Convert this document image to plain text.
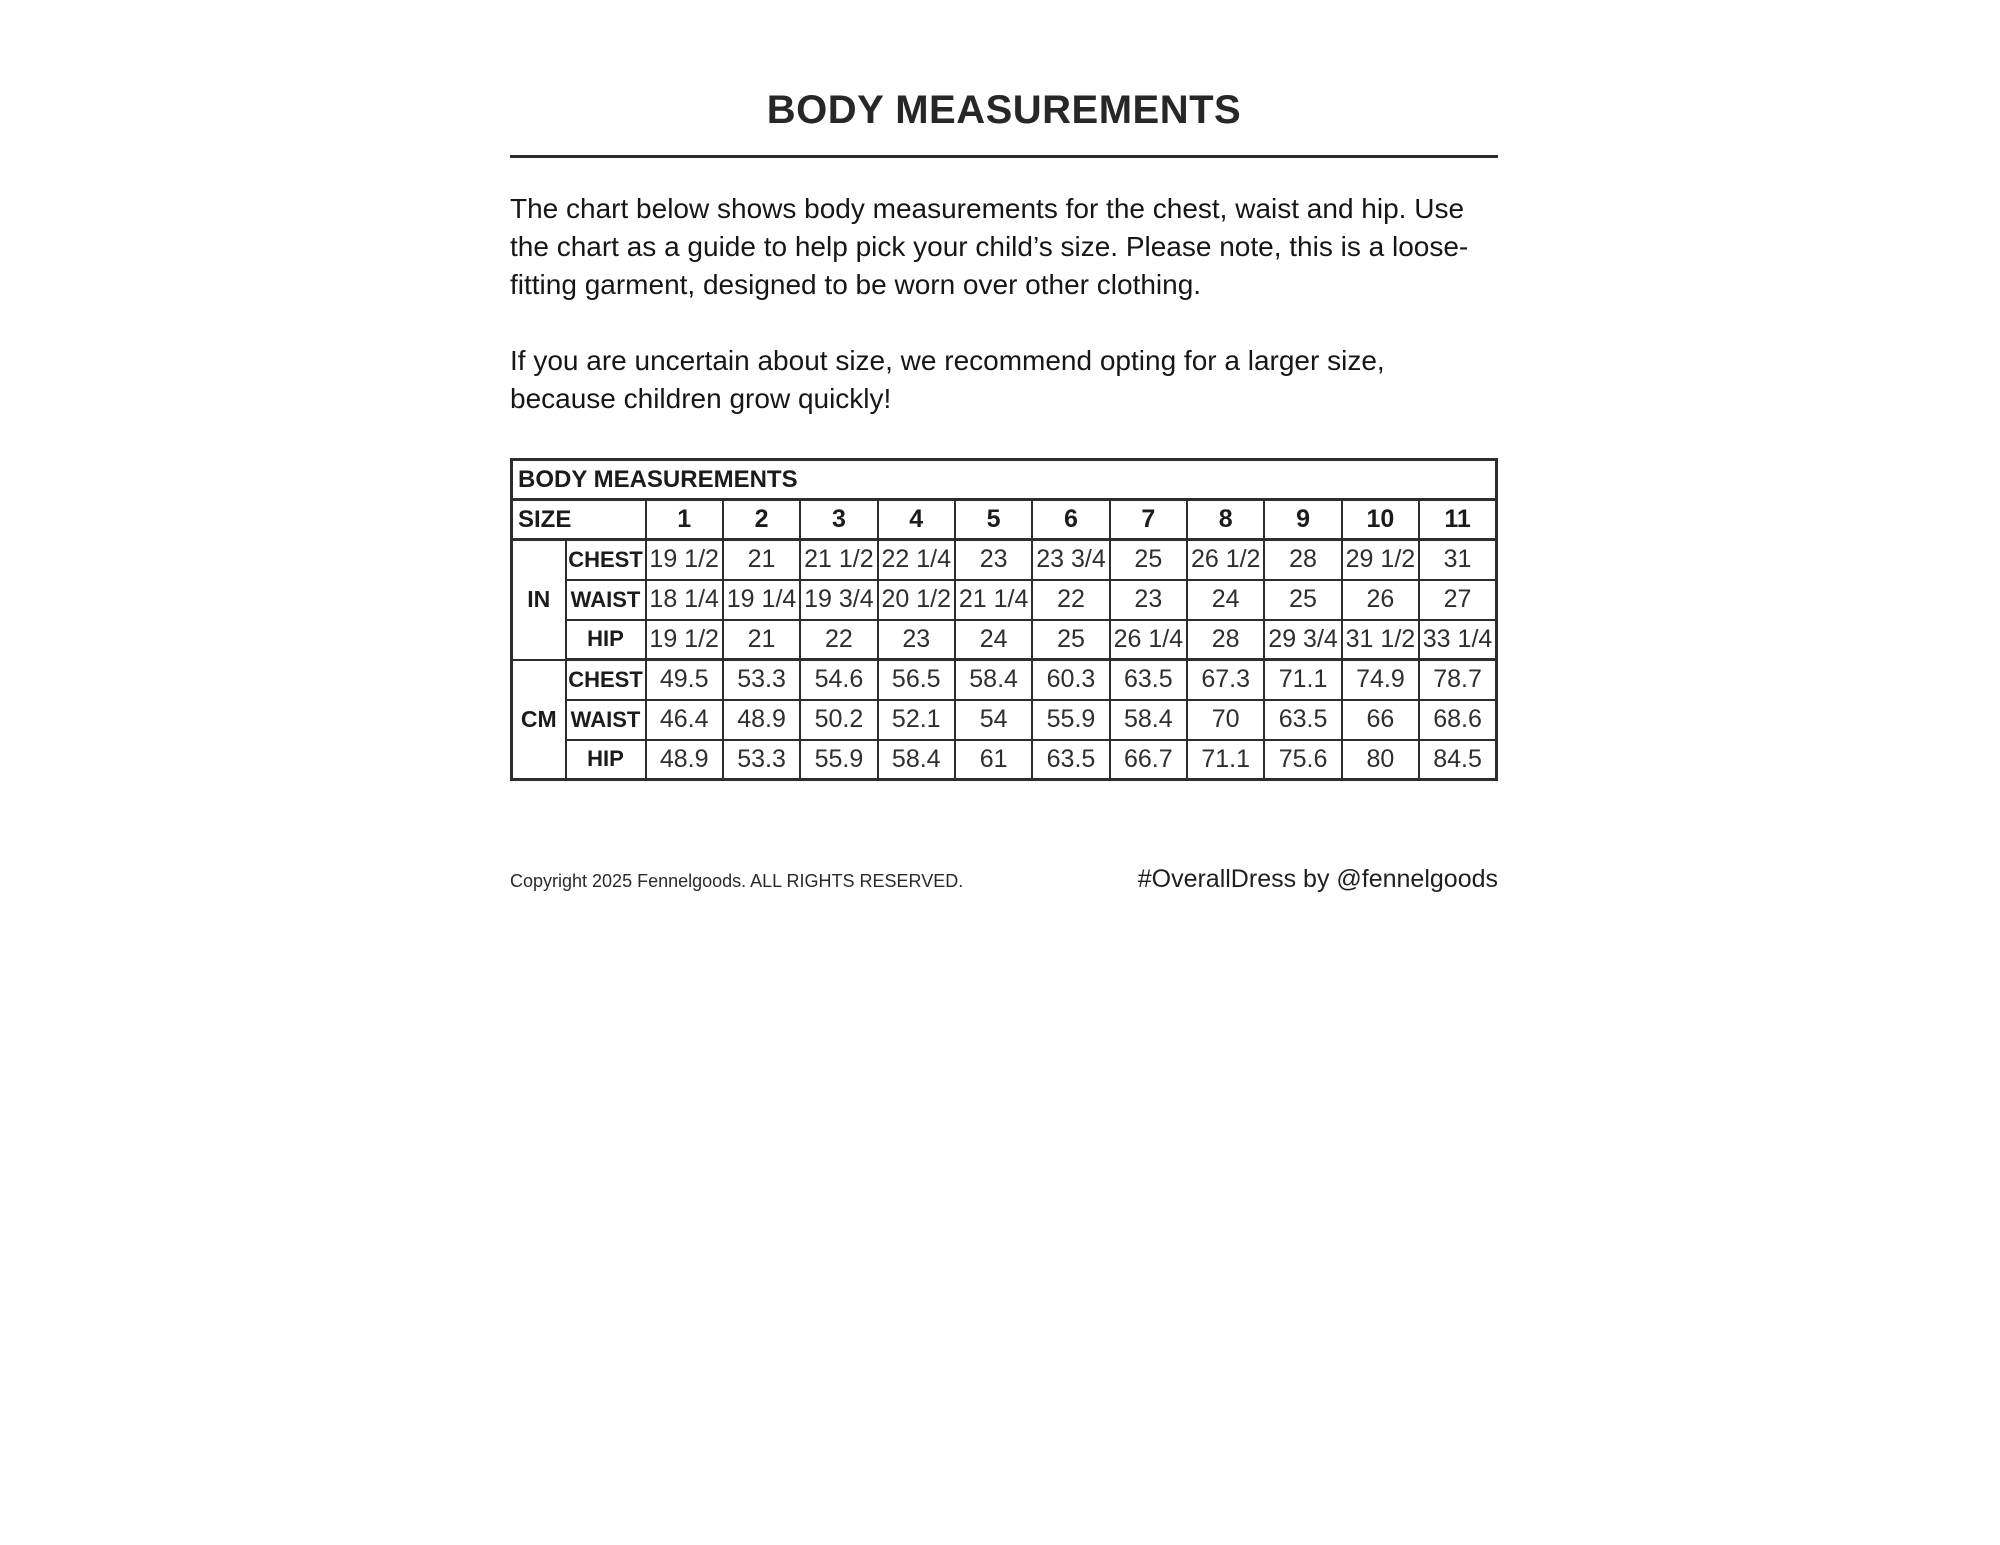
BODY MEASUREMENTS

The chart below shows body measurements for the chest, waist and hip. Use the chart as a guide to help pick your child’s size. Please note, this is a loose-fitting garment, designed to be worn over other clothing.

If you are uncertain about size, we recommend opting for a larger size, because children grow quickly!

BODY MEASUREMENTS												
SIZE		1	2	3	4	5	6	7	8	9	10	11
IN	CHEST	19 1/2	21	21 1/2	22 1/4	23	23 3/4	25	26 1/2	28	29 1/2	31
	WAIST	18 1/4	19 1/4	19 3/4	20 1/2	21 1/4	22	23	24	25	26	27
	HIP	19 1/2	21	22	23	24	25	26 1/4	28	29 3/4	31 1/2	33 1/4
CM	CHEST	49.5	53.3	54.6	56.5	58.4	60.3	63.5	67.3	71.1	74.9	78.7
	WAIST	46.4	48.9	50.2	52.1	54	55.9	58.4	70	63.5	66	68.6
	HIP	48.9	53.3	55.9	58.4	61	63.5	66.7	71.1	75.6	80	84.5
Copyright 2025 Fennelgoods. ALL RIGHTS RESERVED.	#OverallDress by @fennelgoods
